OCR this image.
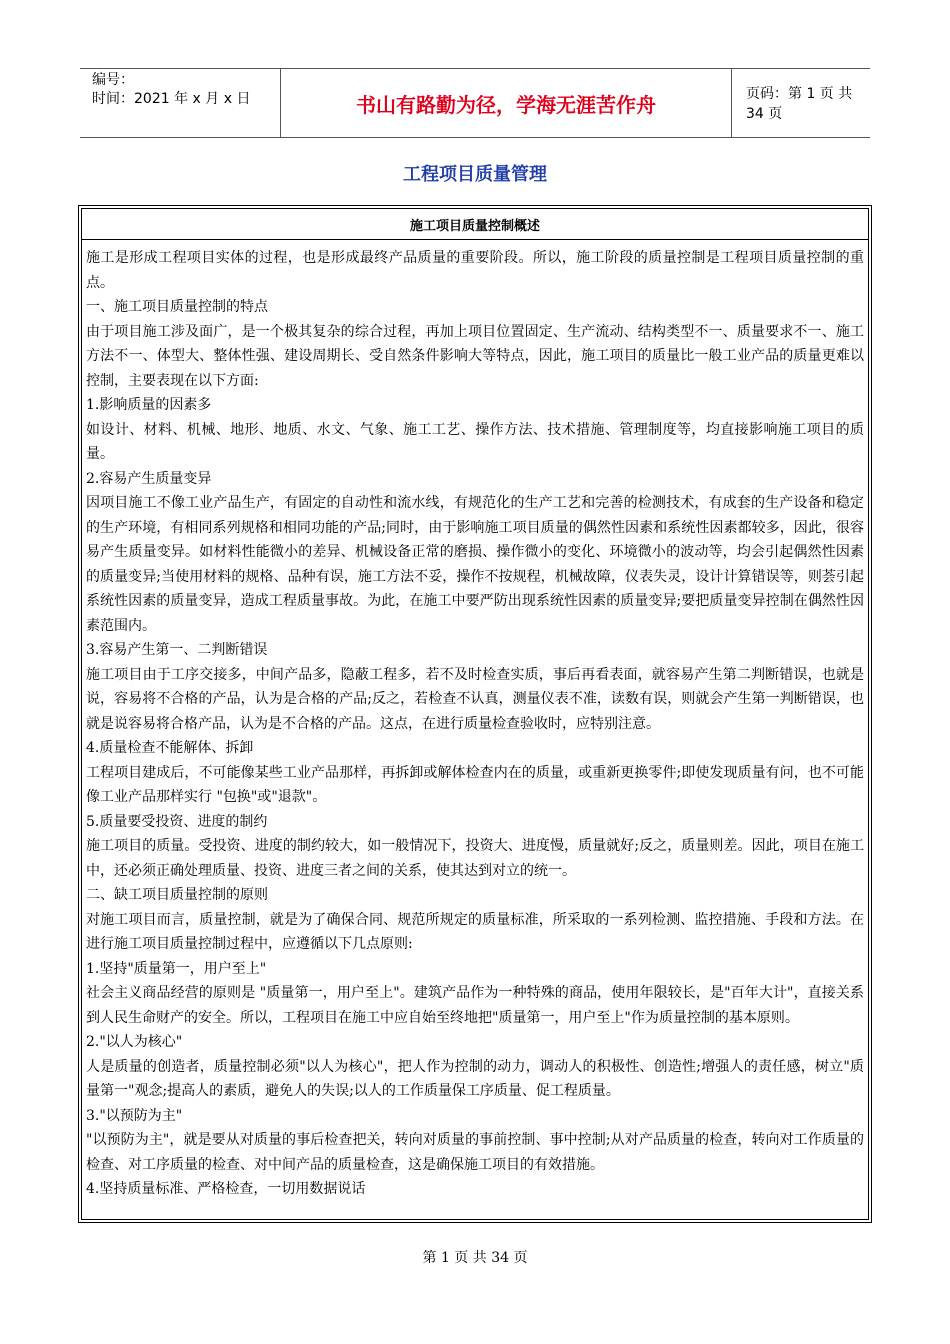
编号：
时间：2021 年 x 月 x 日	书山有路勤为径，学海无涯苦作舟	页码：第 1 页 共 34 页
工程项目质量管理
施工项目质量控制概述

施工是形成工程项目实体的过程，也是形成最终产品质量的重要阶段。所以，施工阶段的质量控制是工程项目质量控制的重点。

一、施工项目质量控制的特点

由于项目施工涉及面广，是一个极其复杂的综合过程，再加上项目位置固定、生产流动、结构类型不一、质量要求不一、施工方法不一、体型大、整体性强、建设周期长、受自然条件影响大等特点，因此，施工项目的质量比一般工业产品的质量更难以控制，主要表现在以下方面:

1.影响质量的因素多

如设计、材料、机械、地形、地质、水文、气象、施工工艺、操作方法、技术措施、管理制度等，均直接影响施工项目的质量。

2.容易产生质量变异

因项目施工不像工业产品生产，有固定的自动性和流水线，有规范化的生产工艺和完善的检测技术，有成套的生产设备和稳定的生产环境，有相同系列规格和相同功能的产品;同时，由于影响施工项目质量的偶然性因素和系统性因素都较多，因此，很容易产生质量变异。如材料性能微小的差异、机械设备正常的磨损、操作微小的变化、环境微小的波动等，均会引起偶然性因素的质量变异;当使用材料的规格、品种有误，施工方法不妥，操作不按规程，机械故障，仪表失灵，设计计算错误等，则荟引起系统性因素的质量变异，造成工程质量事故。为此，在施工中要严防出现系统性因素的质量变异;要把质量变异控制在偶然性因素范围内。

3.容易产生第一、二判断错误

施工项目由于工序交接多，中间产品多，隐蔽工程多，若不及时检查实质，事后再看表面，就容易产生第二判断错误，也就是说，容易将不合格的产品，认为是合格的产品;反之，若检查不认真，测量仪表不准，读数有误，则就会产生第一判断错误，也就是说容易将合格产品，认为是不合格的产品。这点，在进行质量检查验收时，应特别注意。

4.质量检查不能解体、拆卸

工程项目建成后，不可能像某些工业产品那样，再拆卸或解体检查内在的质量，或重新更换零件;即使发现质量有问，也不可能像工业产品那样实行 "包换"或"退款"。

5.质量要受投资、进度的制约

施工项目的质量。受投资、进度的制约较大，如一般情况下，投资大、进度慢，质量就好;反之，质量则差。因此，项目在施工中，还必须正确处理质量、投资、进度三者之间的关系，使其达到对立的统一。

二、缺工项目质量控制的原则

对施工项目而言，质量控制，就是为了确保合同、规范所规定的质量标准，所采取的一系列检测、监控措施、手段和方法。在进行施工项目质量控制过程中，应遵循以下几点原则:

1.坚持"质量第一，用户至上"

社会主义商品经营的原则是 "质量第一，用户至上"。建筑产品作为一种特殊的商品，使用年限较长，是"百年大计"，直接关系到人民生命财产的安全。所以，工程项目在施工中应自始至终地把"质量第一，用户至上"作为质量控制的基本原则。

2."以人为核心"

人是质量的创造者，质量控制必须"以人为核心"，把人作为控制的动力，调动人的积极性、创造性;增强人的责任感，树立"质量第一"观念;提高人的素质，避免人的失误;以人的工作质量保工序质量、促工程质量。

3."以预防为主"

"以预防为主"，就是要从对质量的事后检查把关，转向对质量的事前控制、事中控制;从对产品质量的检查，转向对工作质量的检查、对工序质量的检查、对中间产品的质量检查，这是确保施工项目的有效措施。

4.坚持质量标准、严格检查，一切用数据说话

第 1 页 共 34 页
